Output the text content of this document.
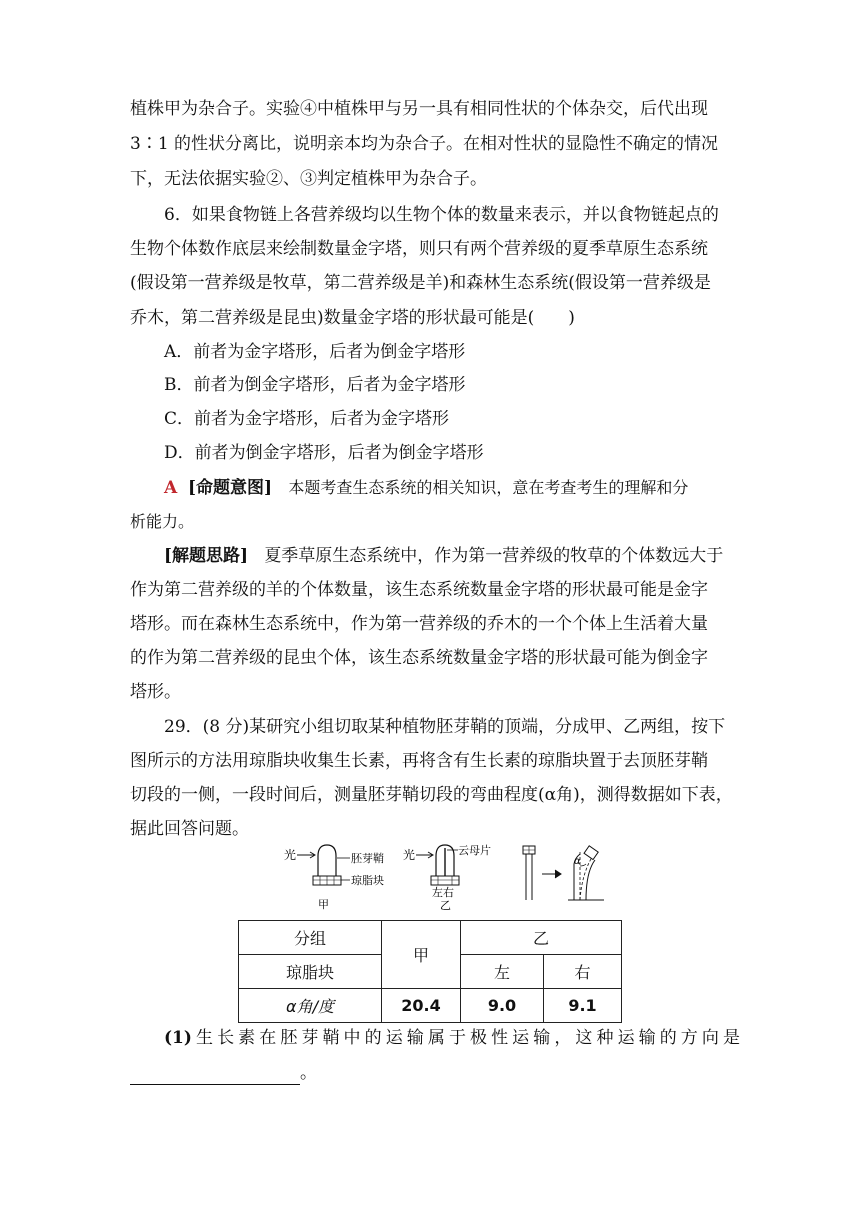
植株甲为杂合子。实验④中植株甲与另一具有相同性状的个体杂交，后代出现
3∶1 的性状分离比，说明亲本均为杂合子。在相对性状的显隐性不确定的情况
下，无法依据实验②、③判定植株甲为杂合子。
6．如果食物链上各营养级均以生物个体的数量来表示，并以食物链起点的
生物个体数作底层来绘制数量金字塔，则只有两个营养级的夏季草原生态系统
(假设第一营养级是牧草，第二营养级是羊)和森林生态系统(假设第一营养级是
乔木，第二营养级是昆虫)数量金字塔的形状最可能是(　　)
A．前者为金字塔形，后者为倒金字塔形
B．前者为倒金字塔形，后者为金字塔形
C．前者为金字塔形，后者为金字塔形
D．前者为倒金字塔形，后者为倒金字塔形
A [命题意图] 本题考查生态系统的相关知识，意在考查考生的理解和分
析能力。
[解题思路] 夏季草原生态系统中，作为第一营养级的牧草的个体数远大于
作为第二营养级的羊的个体数量，该生态系统数量金字塔的形状最可能是金字
塔形。而在森林生态系统中，作为第一营养级的乔木的一个个体上生活着大量
的作为第二营养级的昆虫个体，该生态系统数量金字塔的形状最可能为倒金字
塔形。
29．(8 分)某研究小组切取某种植物胚芽鞘的顶端，分成甲、乙两组，按下
图所示的方法用琼脂块收集生长素，再将含有生长素的琼脂块置于去顶胚芽鞘
切段的一侧，一段时间后，测量胚芽鞘切段的弯曲程度(α角)，测得数据如下表，
据此回答问题。
光	胚芽鞘
琼脂块
甲
光	云母片
左右
乙
α
分组	甲	乙	
琼脂块		左	右
α角/度	20.4	9.0	9.1
(1) 生 长 素 在 胚 芽 鞘 中 的 运 输 属 于 极 性 运 输 ， 这 种 运 输 的 方 向 是
。
